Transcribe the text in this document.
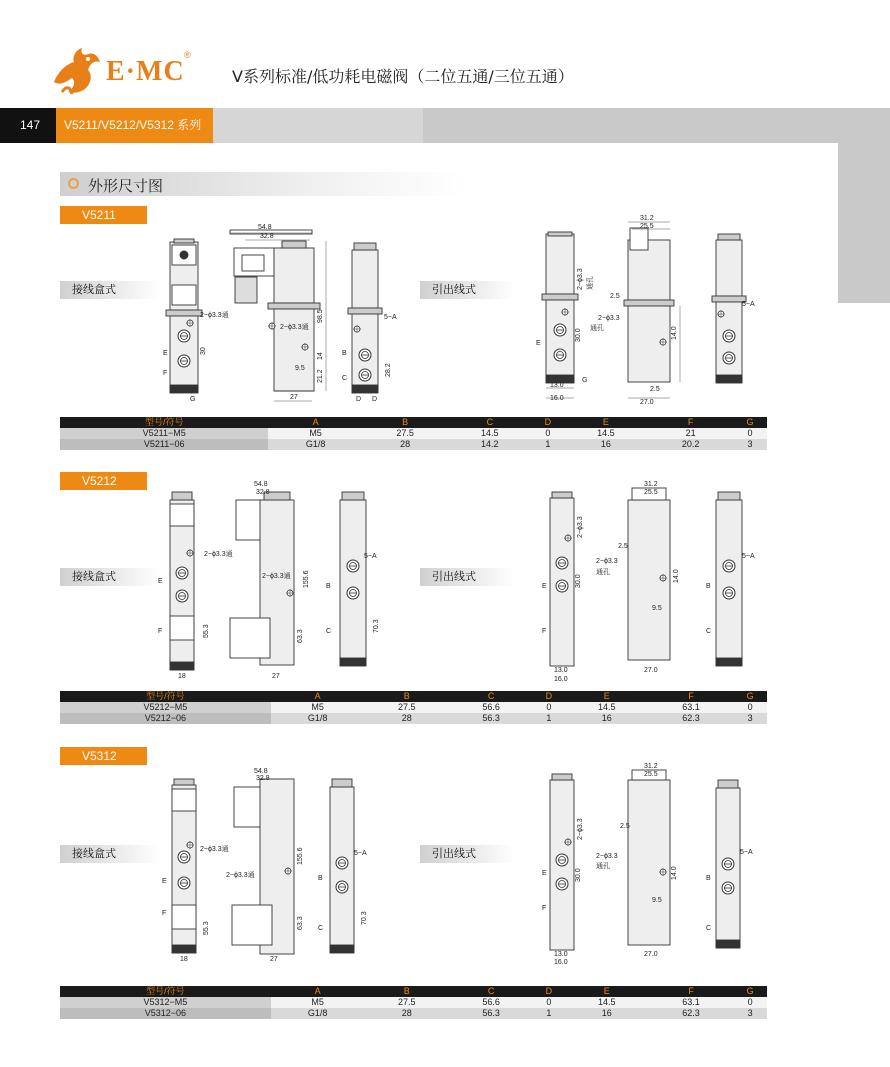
E·MC
®
V系列标准/低功耗电磁阀（二位五通/三位五通）
147	V5211/V5212/V5312 系列
外形尺寸图
V5211
V5212
V5312
接线盒式	引出线式
接线盒式	引出线式
接线盒式	引出线式
54.8
32.8
98.5
27
2−ϕ3.3通
2−ϕ3.3通
E
F
G
5−A
B
C
D D
9.5
30
14
21.2	28.2
31.2
25.5
2−ϕ3.3 通孔
2.5
2−ϕ3.3
通孔
30.0	14.0
2.5
13.0
16.0
27.0
E
G
5−A
54.8
32.8
2−ϕ3.3通
2−ϕ3.3通
E
F
18	27
55.3	63.3
155.6
5−A
B
C	70.3
31.2
25.5
2−ϕ3.3
2.5
2−ϕ3.3
通孔
30.0	14.0
9.5
E
F
13.0
16.0
27.0
5−A
B
C
54.8
32.8
2−ϕ3.3通
2−ϕ3.3通
E
F
18	27
55.3
155.6
63.3
5−A
B
C
70.3
31.2
25.5
2−ϕ3.3	2.5
2−ϕ3.3
通孔
30.0	14.0
9.5
E
F
13.0
16.0
27.0
5−A
B
C
型号/符号	A	B	C	D	E	F	G
V5211−M5	M5	27.5	14.5	0	14.5	21	0
V5211−06	G1/8	28	14.2	1	16	20.2	3
型号/符号	A	B	C	D	E	F	G
V5212−M5	M5	27.5	56.6	0	14.5	63.1	0
V5212−06	G1/8	28	56.3	1	16	62.3	3
型号/符号	A	B	C	D	E	F	G
V5312−M5	M5	27.5	56.6	0	14.5	63.1	0
V5312−06	G1/8	28	56.3	1	16	62.3	3
